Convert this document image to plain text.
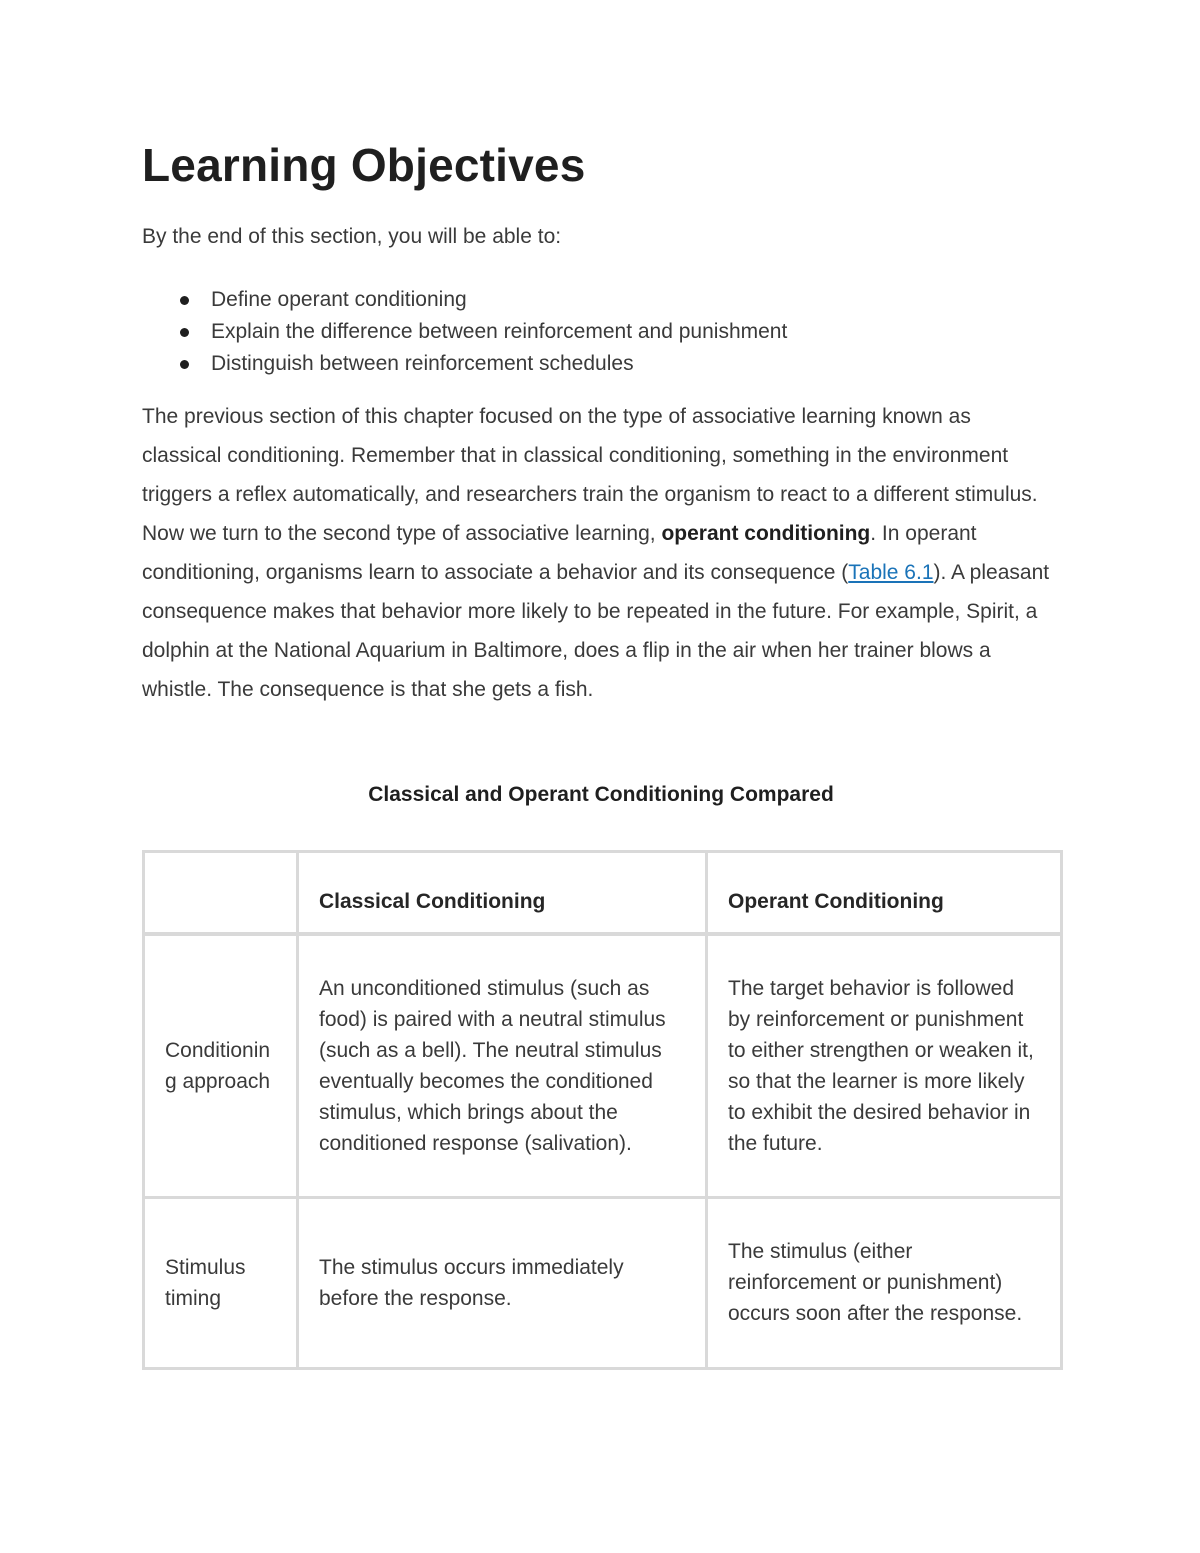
Learning Objectives

By the end of this section, you will be able to:

Define operant conditioning
Explain the difference between reinforcement and punishment
Distinguish between reinforcement schedules

The previous section of this chapter focused on the type of associative learning known as classical conditioning. Remember that in classical conditioning, something in the environment triggers a reflex automatically, and researchers train the organism to react to a different stimulus. Now we turn to the second type of associative learning, operant conditioning. In operant conditioning, organisms learn to associate a behavior and its consequence (Table 6.1). A pleasant consequence makes that behavior more likely to be repeated in the future. For example, Spirit, a dolphin at the National Aquarium in Baltimore, does a flip in the air when her trainer blows a whistle. The consequence is that she gets a fish.

Classical and Operant Conditioning Compared
	Classical Conditioning	Operant Conditioning
Conditioning approach	An unconditioned stimulus (such as food) is paired with a neutral stimulus (such as a bell). The neutral stimulus eventually becomes the conditioned stimulus, which brings about the conditioned response (salivation).	The target behavior is followed by reinforcement or punishment to either strengthen or weaken it, so that the learner is more likely to exhibit the desired behavior in the future.
Stimulus timing	The stimulus occurs immediately before the response.	The stimulus (either reinforcement or punishment) occurs soon after the response.
